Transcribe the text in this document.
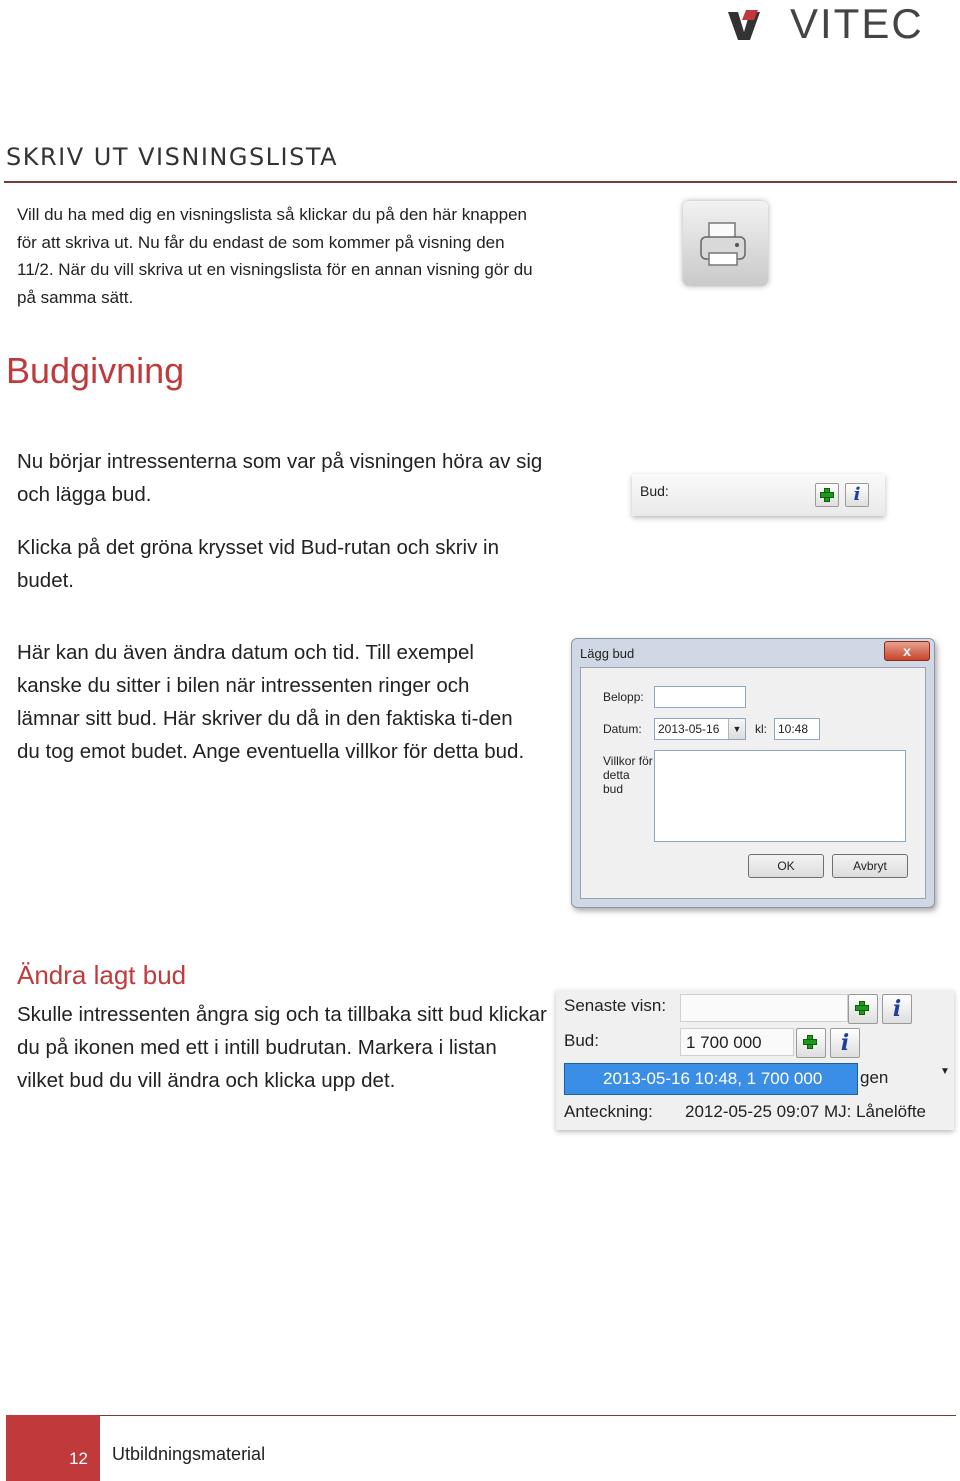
VITEC
SKRIV UT VISNINGSLISTA
Vill du ha med dig en visningslista så klickar du på den här knappen för att skriva ut. Nu får du endast de som kommer på visning den 11/2. När du vill skriva ut en visningslista för en annan visning gör du på samma sätt.
Budgivning
Nu börjar intressenterna som var på visningen höra av sig och lägga bud.
Klicka på det gröna krysset vid Bud-rutan och skriv in budet.
Här kan du även ändra datum och tid. Till exempel kanske du sitter i bilen när intressenten ringer och lämnar sitt bud. Här skriver du då in den faktiska ti-den du tog emot budet. Ange eventuella villkor för detta bud.
Bud:	i
Lägg bud	x
Belopp:
Datum:	2013-05-16	▼ kl: 10:48
Villkor för detta bud
OK	Avbryt
Ändra lagt bud
Skulle intressenten ångra sig och ta tillbaka sitt bud klickar du på ikonen med ett i intill budrutan. Markera i listan vilket bud du vill ändra och klicka upp det.
Senaste visn:	i
Bud:	1 700 000	i
2013-05-16 10:48, 1 700 000	gen	▼
Anteckning: 2012-05-25 09:07 MJ: Lånelöfte
12 Utbildningsmaterial
